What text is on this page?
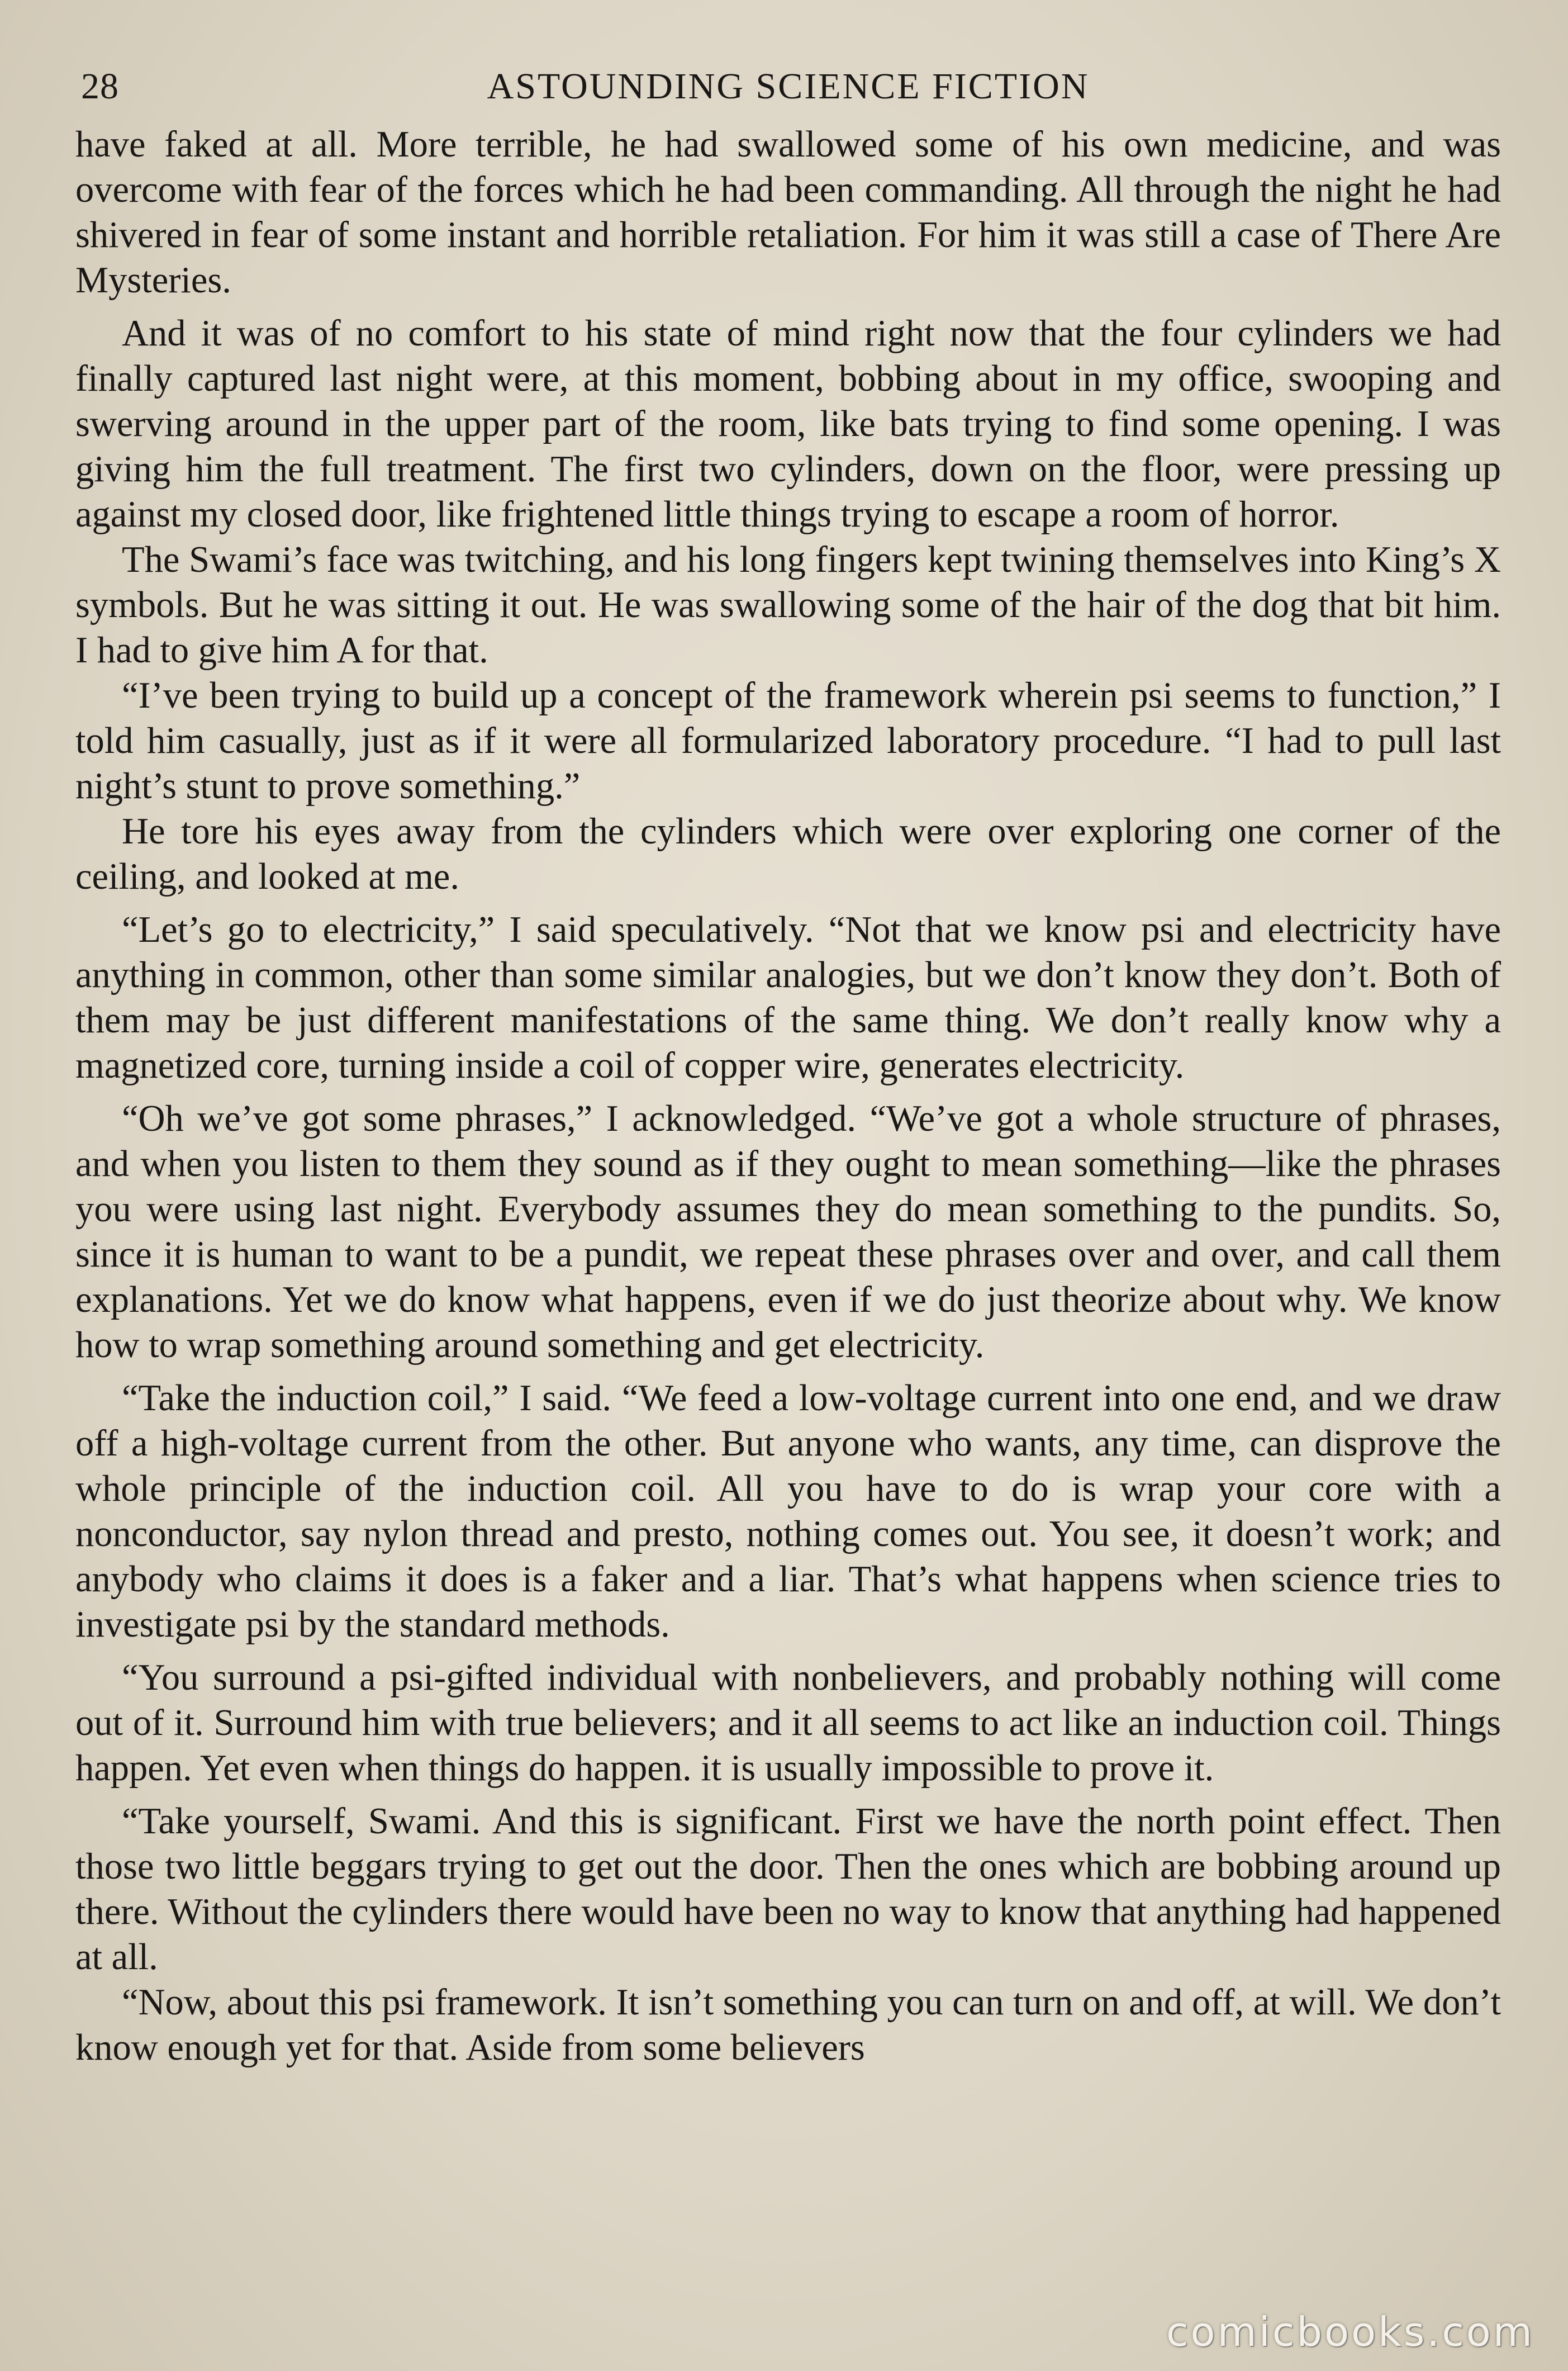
28	ASTOUNDING SCIENCE FICTION

have faked at all. More terrible, he had swallowed some of his own medicine, and was overcome with fear of the forces which he had been commanding. All through the night he had shivered in fear of some instant and horrible retaliation. For him it was still a case of There Are Mysteries.

And it was of no comfort to his state of mind right now that the four cylinders we had finally captured last night were, at this moment, bobbing about in my office, swooping and swerving around in the upper part of the room, like bats trying to find some opening. I was giving him the full treatment. The first two cylinders, down on the floor, were pressing up against my closed door, like frightened little things trying to escape a room of horror.

The Swami’s face was twitching, and his long fingers kept twining themselves into King’s X symbols. But he was sitting it out. He was swallowing some of the hair of the dog that bit him. I had to give him A for that.

“I’ve been trying to build up a concept of the framework wherein psi seems to function,” I told him casually, just as if it were all formularized laboratory procedure. “I had to pull last night’s stunt to prove something.”

He tore his eyes away from the cylinders which were over exploring one corner of the ceiling, and looked at me.

“Let’s go to electricity,” I said speculatively. “Not that we know psi and electricity have anything in common, other than some similar analogies, but we don’t know they don’t. Both of them may be just different manifestations of the same thing. We don’t really know why a magnetized core, turning inside a coil of copper wire, generates electricity.

“Oh we’ve got some phrases,” I acknowledged. “We’ve got a whole structure of phrases, and when you listen to them they sound as if they ought to mean something—like the phrases you were using last night. Everybody assumes they do mean something to the pundits. So, since it is human to want to be a pundit, we repeat these phrases over and over, and call them explanations. Yet we do know what happens, even if we do just theorize about why. We know how to wrap something around something and get electricity.

“Take the induction coil,” I said. “We feed a low-voltage current into one end, and we draw off a high-voltage current from the other. But anyone who wants, any time, can disprove the whole principle of the induction coil. All you have to do is wrap your core with a nonconductor, say nylon thread and presto, nothing comes out. You see, it doesn’t work; and anybody who claims it does is a faker and a liar. That’s what happens when science tries to investigate psi by the standard methods.

“You surround a psi-gifted individual with nonbelievers, and probably nothing will come out of it. Surround him with true believers; and it all seems to act like an induction coil. Things happen. Yet even when things do happen. it is usually impossible to prove it.

“Take yourself, Swami. And this is significant. First we have the north point effect. Then those two little beggars trying to get out the door. Then the ones which are bobbing around up there. Without the cylinders there would have been no way to know that anything had happened at all.

“Now, about this psi framework. It isn’t something you can turn on and off, at will. We don’t know enough yet for that. Aside from some believers

comicbooks.com
